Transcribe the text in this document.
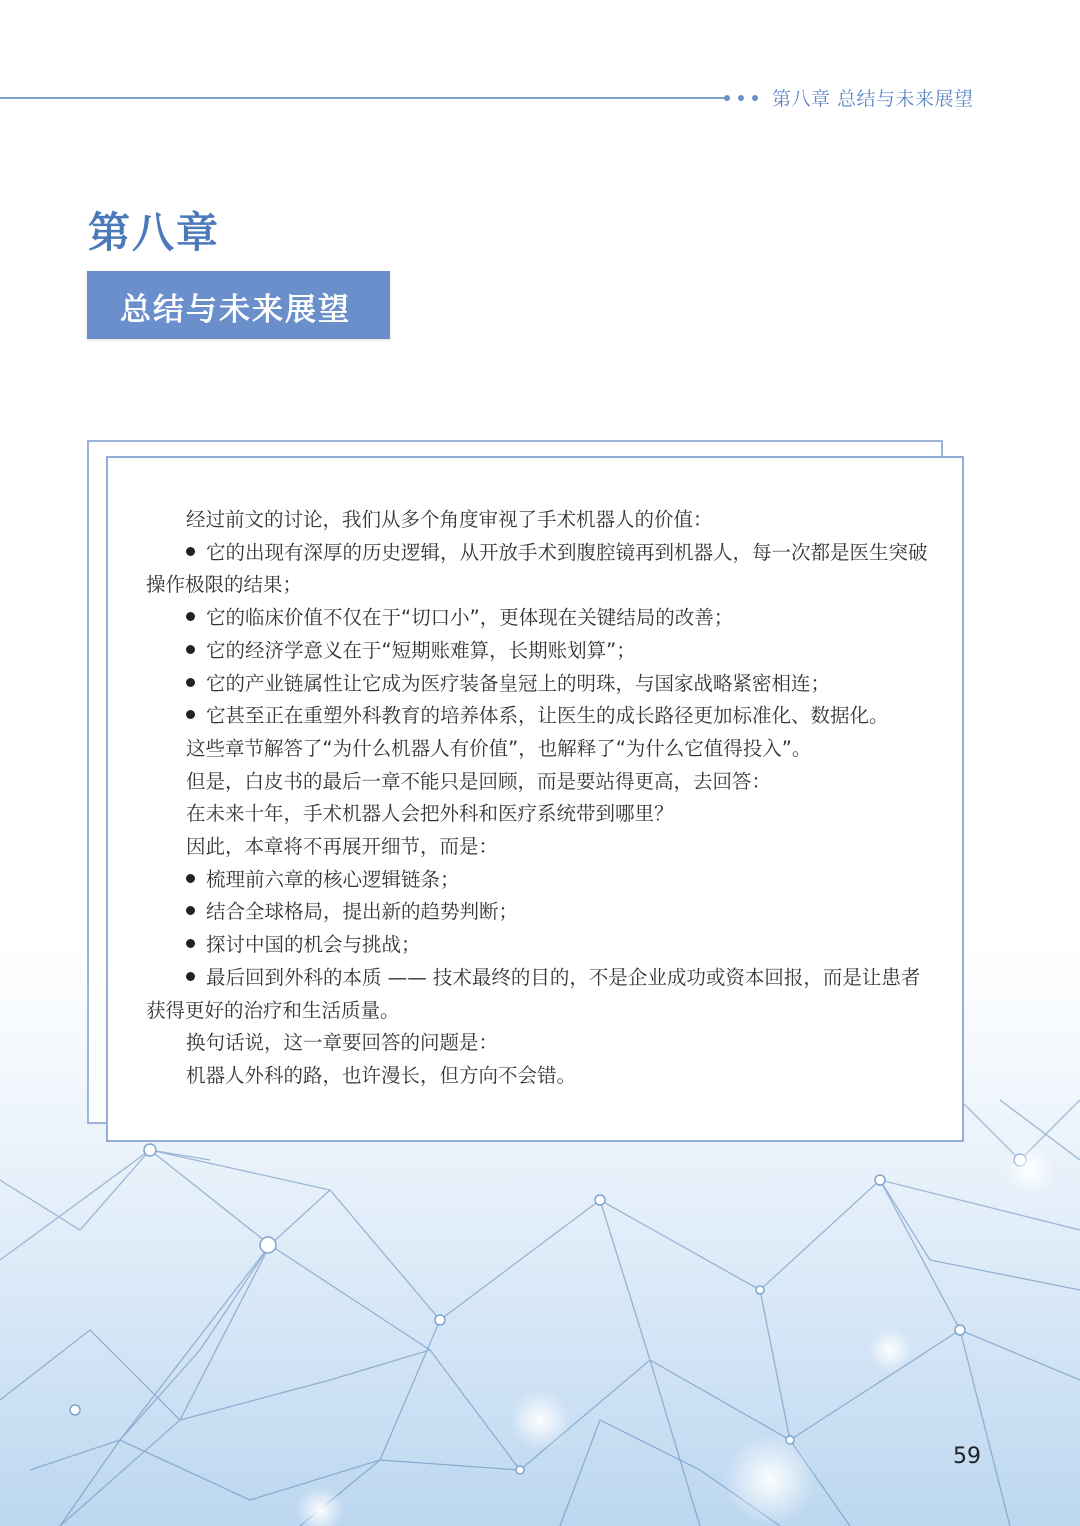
第八章 总结与未来展望
第八章
总结与未来展望

经过前文的讨论，我们从多个角度审视了手术机器人的价值：

它的出现有深厚的历史逻辑，从开放手术到腹腔镜再到机器人，每一次都是医生突破操作极限的结果；

它的临床价值不仅在于“切口小”，更体现在关键结局的改善；

它的经济学意义在于“短期账难算，长期账划算”；

它的产业链属性让它成为医疗装备皇冠上的明珠，与国家战略紧密相连；

它甚至正在重塑外科教育的培养体系，让医生的成长路径更加标准化、数据化。

这些章节解答了“为什么机器人有价值”，也解释了“为什么它值得投入”。

但是，白皮书的最后一章不能只是回顾，而是要站得更高，去回答：

在未来十年，手术机器人会把外科和医疗系统带到哪里？

因此，本章将不再展开细节，而是：

梳理前六章的核心逻辑链条；

结合全球格局，提出新的趋势判断；

探讨中国的机会与挑战；

最后回到外科的本质 —— 技术最终的目的，不是企业成功或资本回报，而是让患者获得更好的治疗和生活质量。

换句话说，这一章要回答的问题是：

机器人外科的路，也许漫长，但方向不会错。

59
